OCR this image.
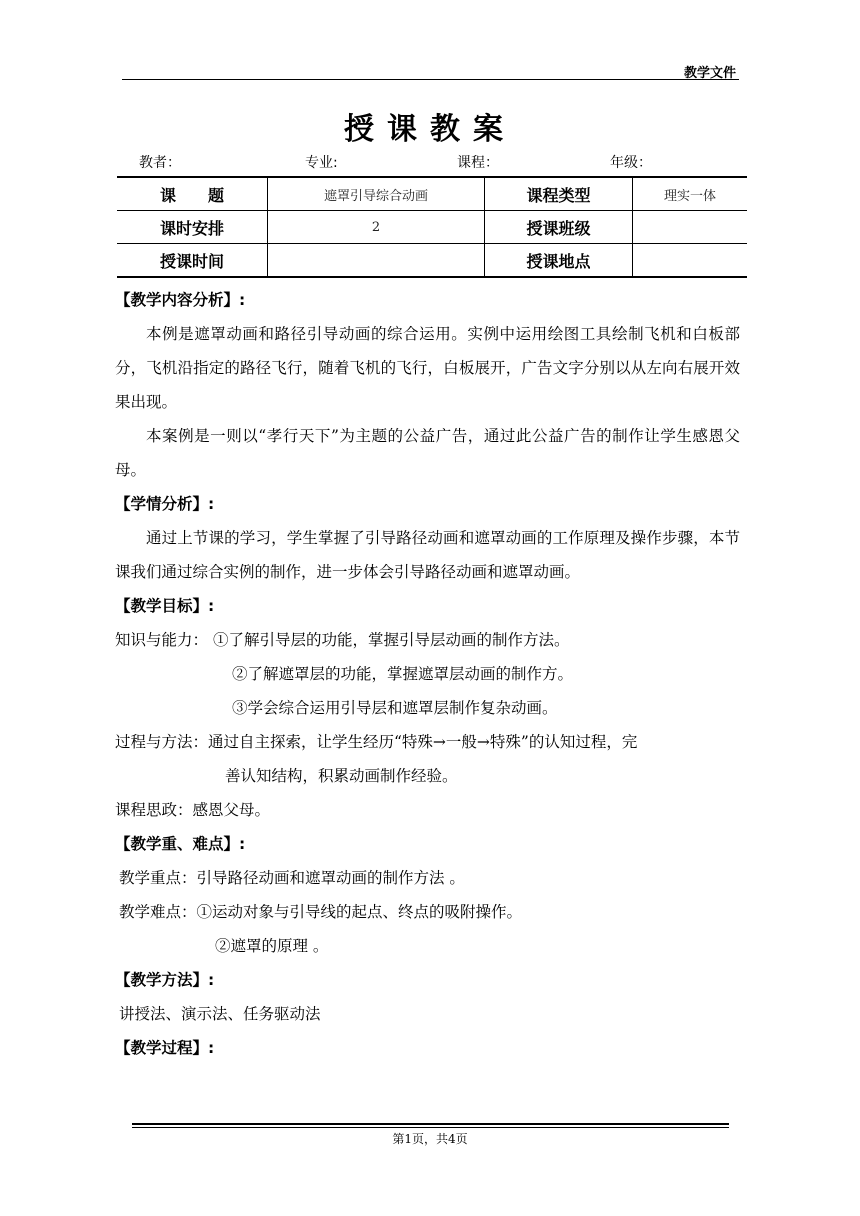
教学文件
授课教案
教者：	专业:	课程：	年级：
课　　题	遮罩引导综合动画	课程类型	理实一体
课时安排	2	授课班级	
授课时间		授课地点	
【教学内容分析】:
本例是遮罩动画和路径引导动画的综合运用。实例中运用绘图工具绘制飞机和白板部分，飞机沿指定的路径飞行，随着飞机的飞行，白板展开，广告文字分别以从左向右展开效果出现。
本案例是一则以“孝行天下”为主题的公益广告，通过此公益广告的制作让学生感恩父母。
【学情分析】:
通过上节课的学习，学生掌握了引导路径动画和遮罩动画的工作原理及操作步骤，本节课我们通过综合实例的制作，进一步体会引导路径动画和遮罩动画。
【教学目标】:
知识与能力： ①了解引导层的功能，掌握引导层动画的制作方法。
②了解遮罩层的功能，掌握遮罩层动画的制作方。
③学会综合运用引导层和遮罩层制作复杂动画。
过程与方法：通过自主探索，让学生经历“特殊→一般→特殊”的认知过程，完
善认知结构，积累动画制作经验。
课程思政：感恩父母。
【教学重、难点】:
教学重点：引导路径动画和遮罩动画的制作方法 。
教学难点：①运动对象与引导线的起点、终点的吸附操作。
②遮罩的原理 。
【教学方法】:
讲授法、演示法、任务驱动法
【教学过程】:
第1页，共4页
